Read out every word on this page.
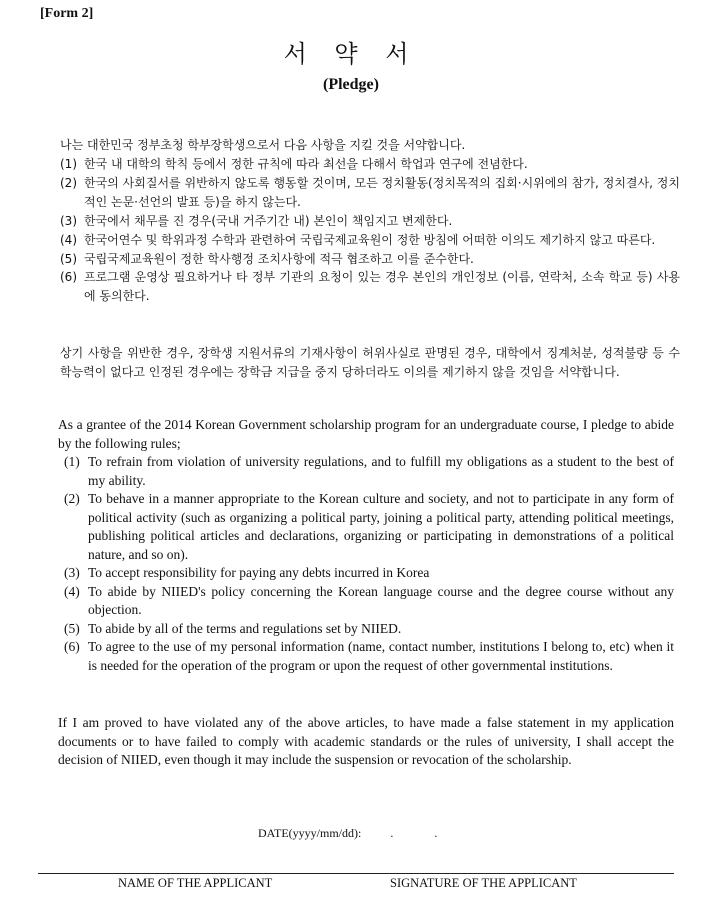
[Form 2]
서 약 서
(Pledge)
나는 대한민국 정부초청 학부장학생으로서 다음 사항을 지킬 것을 서약합니다.
(1) 한국 내 대학의 학칙 등에서 정한 규칙에 따라 최선을 다해서 학업과 연구에 전념한다.
(2) 한국의 사회질서를 위반하지 않도록 행동할 것이며, 모든 정치활동(정치목적의 집회·시위에의 참가, 정치결사, 정치적인 논문·선언의 발표 등)을 하지 않는다.
(3) 한국에서 채무를 진 경우(국내 거주기간 내) 본인이 책임지고 변제한다.
(4) 한국어연수 및 학위과정 수학과 관련하여 국립국제교육원이 정한 방침에 어떠한 이의도 제기하지 않고 따른다.
(5) 국립국제교육원이 정한 학사행정 조치사항에 적극 협조하고 이를 준수한다.
(6) 프로그램 운영상 필요하거나 타 정부 기관의 요청이 있는 경우 본인의 개인정보 (이름, 연락처, 소속 학교 등) 사용에 동의한다.
상기 사항을 위반한 경우, 장학생 지원서류의 기재사항이 허위사실로 판명된 경우, 대학에서 징계처분, 성적불량 등 수학능력이 없다고 인정된 경우에는 장학금 지급을 중지 당하더라도 이의를 제기하지 않을 것임을 서약합니다.
As a grantee of the 2014 Korean Government scholarship program for an undergraduate course, I pledge to abide by the following rules;
(1) To refrain from violation of university regulations, and to fulfill my obligations as a student to the best of my ability.
(2) To behave in a manner appropriate to the Korean culture and society, and not to participate in any form of political activity (such as organizing a political party, joining a political party, attending political meetings, publishing political articles and declarations, organizing or participating in demonstrations of a political nature, and so on).
(3) To accept responsibility for paying any debts incurred in Korea
(4) To abide by NIIED's policy concerning the Korean language course and the degree course without any objection.
(5) To abide by all of the terms and regulations set by NIIED.
(6) To agree to the use of my personal information (name, contact number, institutions I belong to, etc) when it is needed for the operation of the program or upon the request of other governmental institutions.
If I am proved to have violated any of the above articles, to have made a false statement in my application documents or to have failed to comply with academic standards or the rules of university, I shall accept the decision of NIIED, even though it may include the suspension or revocation of the scholarship.
DATE(yyyy/mm/dd): .	.
NAME OF THE APPLICANT	SIGNATURE OF THE APPLICANT
